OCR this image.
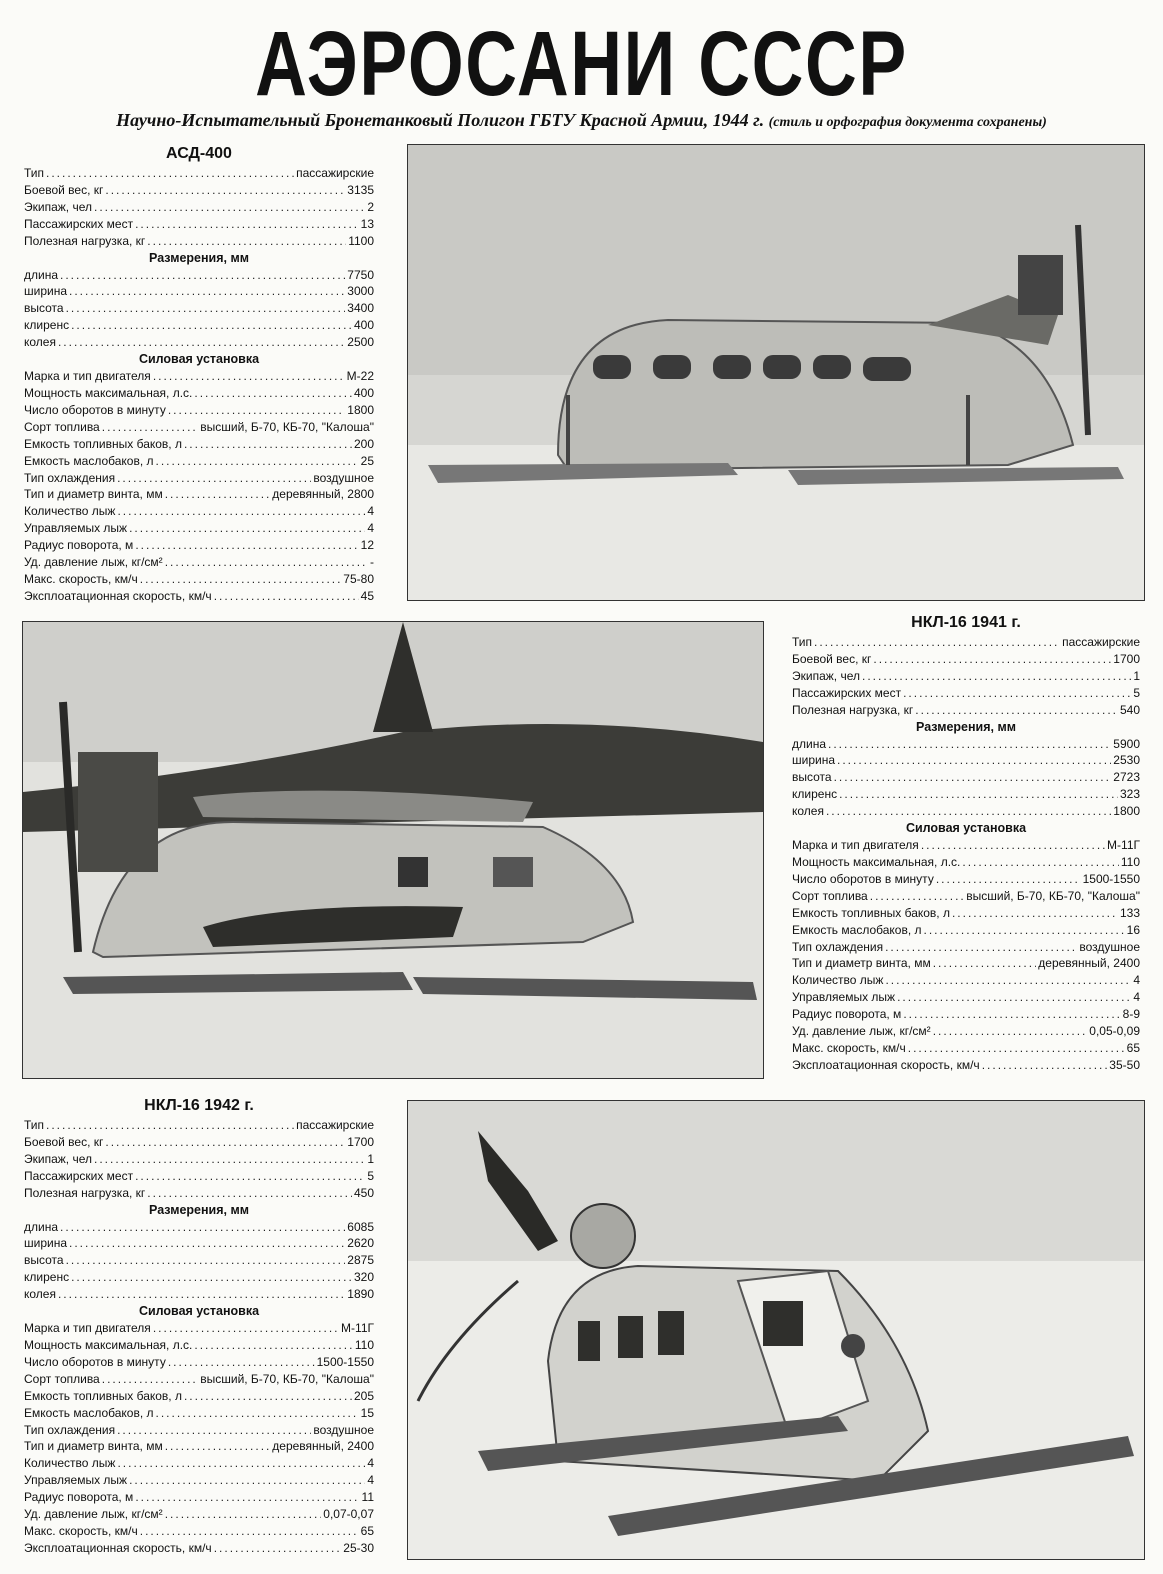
АЭРОСАНИ СССР
Научно-Испытательный Бронетанковый Полигон ГБТУ Красной Армии, 1944 г. (стиль и орфография документа сохранены)
АСД-400
Тип .....	пассажирские
Боевой вес, кг .....	3135
Экипаж, чел .....	2
Пассажирских мест .....	13
Полезная нагрузка, кг .....	1100
Размерения, мм
длина .....	7750
ширина .....	3000
высота .....	3400
клиренс .....	400
колея .....	2500
Силовая установка
Марка и тип двигателя .....	М-22
Мощность максимальная, л.с. .....	400
Число оборотов в минуту .....	1800
Сорт топлива .....	высший, Б-70, КБ-70, "Калоша"
Емкость топливных баков, л .....	200
Емкость маслобаков, л .....	25
Тип охлаждения .....	воздушное
Тип и диаметр винта, мм .....	деревянный, 2800
Количество лыж .....	4
Управляемых лыж .....	4
Радиус поворота, м .....	12
Уд. давление лыж, кг/см² .....	-
Макс. скорость, км/ч .....	75-80
Эксплоатационная скорость, км/ч .....	45
НКЛ-16 1941 г.
Тип .....	пассажирские
Боевой вес, кг .....	1700
Экипаж, чел .....	1
Пассажирских мест .....	5
Полезная нагрузка, кг .....	540
Размерения, мм
длина .....	5900
ширина .....	2530
высота .....	2723
клиренс .....	323
колея .....	1800
Силовая установка
Марка и тип двигателя .....	М-11Г
Мощность максимальная, л.с. .....	110
Число оборотов в минуту .....	1500-1550
Сорт топлива .....	высший, Б-70, КБ-70, "Калоша"
Емкость топливных баков, л .....	133
Емкость маслобаков, л .....	16
Тип охлаждения .....	воздушное
Тип и диаметр винта, мм .....	деревянный, 2400
Количество лыж .....	4
Управляемых лыж .....	4
Радиус поворота, м .....	8-9
Уд. давление лыж, кг/см² .....	0,05-0,09
Макс. скорость, км/ч .....	65
Эксплоатационная скорость, км/ч .....	35-50
НКЛ-16 1942 г.
Тип .....	пассажирские
Боевой вес, кг .....	1700
Экипаж, чел .....	1
Пассажирских мест .....	5
Полезная нагрузка, кг .....	450
Размерения, мм
длина .....	6085
ширина .....	2620
высота .....	2875
клиренс .....	320
колея .....	1890
Силовая установка
Марка и тип двигателя .....	М-11Г
Мощность максимальная, л.с. .....	110
Число оборотов в минуту .....	1500-1550
Сорт топлива .....	высший, Б-70, КБ-70, "Калоша"
Емкость топливных баков, л .....	205
Емкость маслобаков, л .....	15
Тип охлаждения .....	воздушное
Тип и диаметр винта, мм .....	деревянный, 2400
Количество лыж .....	4
Управляемых лыж .....	4
Радиус поворота, м .....	11
Уд. давление лыж, кг/см² .....	0,07-0,07
Макс. скорость, км/ч .....	65
Эксплоатационная скорость, км/ч .....	25-30
